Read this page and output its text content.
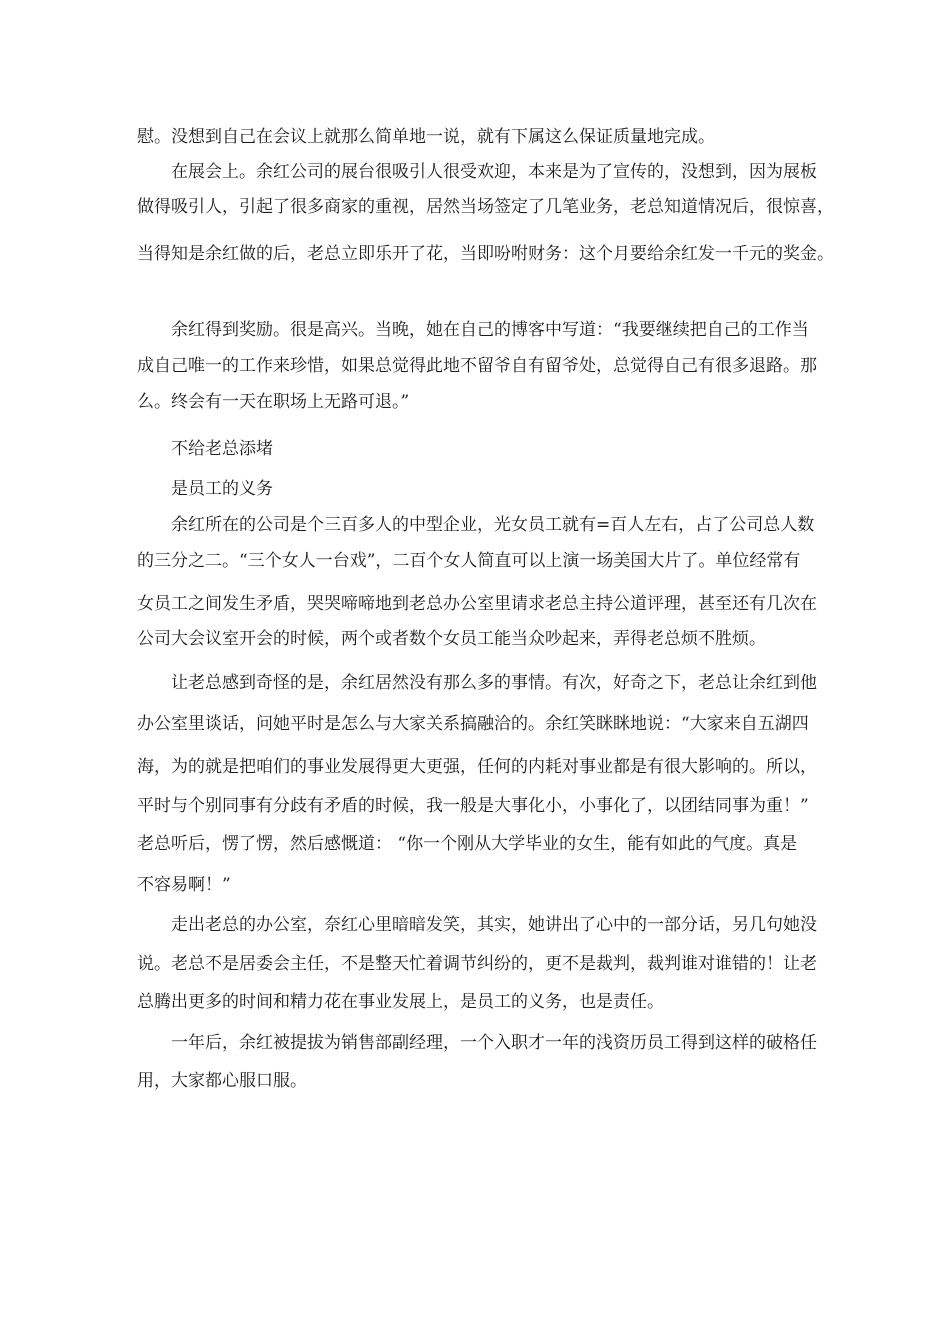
慰。没想到自己在会议上就那么简单地一说，就有下属这么保证质量地完成。
在展会上。余红公司的展台很吸引人很受欢迎，本来是为了宣传的，没想到，因为展板
做得吸引人，引起了很多商家的重视，居然当场签定了几笔业务，老总知道情况后，很惊喜，
当得知是余红做的后，老总立即乐开了花，当即吩咐财务：这个月要给余红发一千元的奖金。
余红得到奖励。很是高兴。当晚，她在自己的博客中写道：“我要继续把自己的工作当
成自己唯一的工作来珍惜，如果总觉得此地不留爷自有留爷处，总觉得自己有很多退路。那
么。终会有一天在职场上无路可退。”
不给老总添堵
是员工的义务
余红所在的公司是个三百多人的中型企业，光女员工就有=百人左右，占了公司总人数
的三分之二。“三个女人一台戏”，二百个女人简直可以上演一场美国大片了。单位经常有
女员工之间发生矛盾，哭哭啼啼地到老总办公室里请求老总主持公道评理，甚至还有几次在
公司大会议室开会的时候，两个或者数个女员工能当众吵起来，弄得老总烦不胜烦。
让老总感到奇怪的是，余红居然没有那么多的事情。有次，好奇之下，老总让余红到他
办公室里谈话，问她平时是怎么与大家关系搞融洽的。余红笑眯眯地说：“大家来自五湖四
海，为的就是把咱们的事业发展得更大更强，任何的内耗对事业都是有很大影响的。所以，
平时与个别同事有分歧有矛盾的时候，我一般是大事化小，小事化了，以团结同事为重！”
老总听后，愣了愣，然后感慨道： “你一个刚从大学毕业的女生，能有如此的气度。真是
不容易啊！”
走出老总的办公室，奈红心里暗暗发笑，其实，她讲出了心中的一部分话，另几句她没
说。老总不是居委会主任，不是整天忙着调节纠纷的，更不是裁判，裁判谁对谁错的！让老
总腾出更多的时间和精力花在事业发展上，是员工的义务，也是责任。
一年后，余红被提拔为销售部副经理，一个入职才一年的浅资历员工得到这样的破格任
用，大家都心服口服。
